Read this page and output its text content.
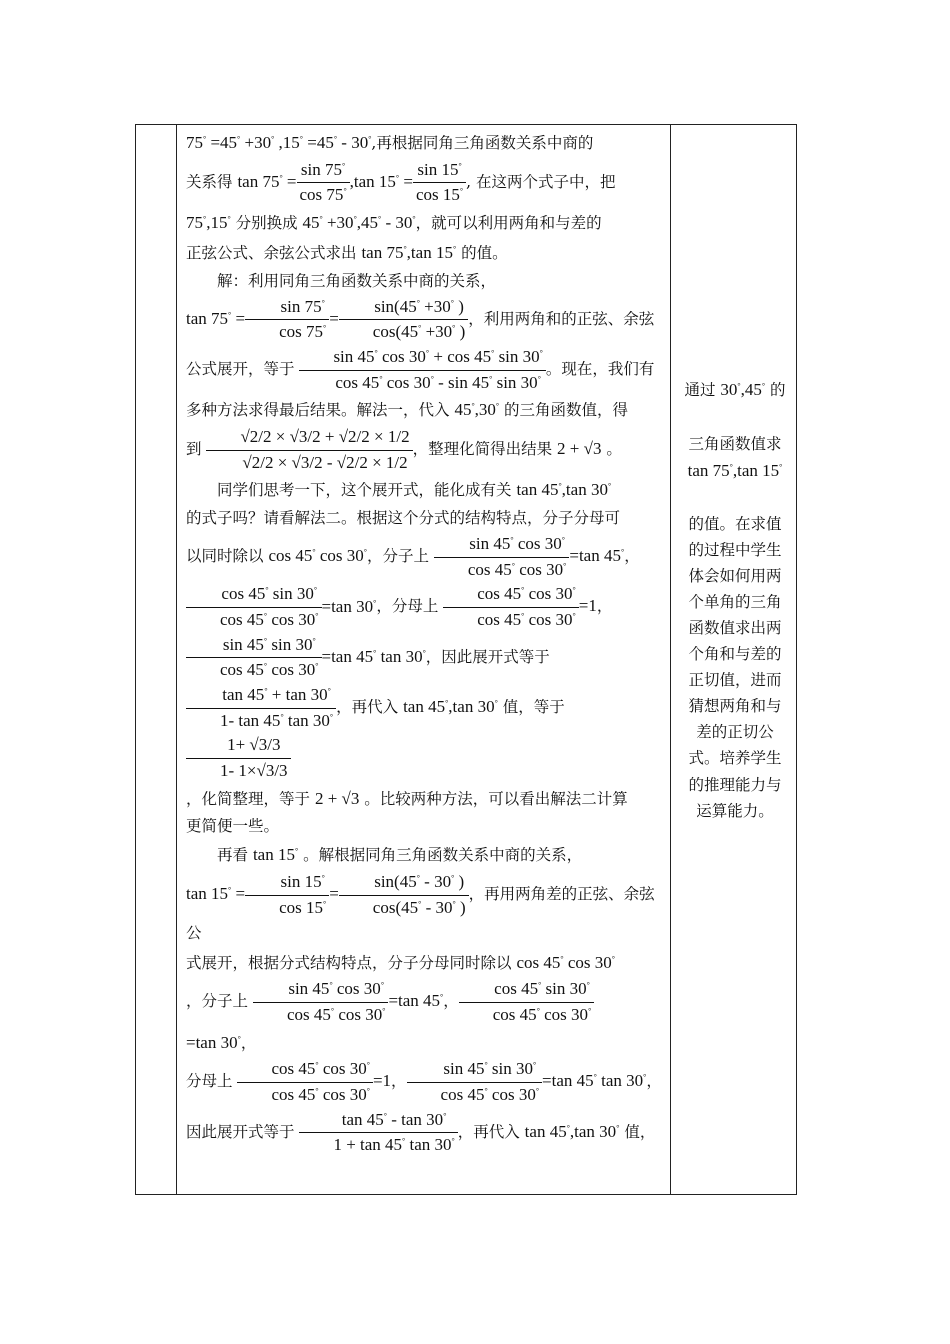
75° =45° +30° ,15° =45° - 30°,再根据同角三角函数关系中商的
关系得 $\tan 75^\circ = \frac{\sin 75^\circ}{\cos 75^\circ} ,\tan$ $15^\circ = \frac{\sin 15^\circ}{\cos 15^\circ}$ , 在这两个式子中，把
75°,15° 分别换成 45° +30°,45° - 30°，就可以利用两角和与差的
正弦公式、余弦公式求出 tan 75°,tan 15° 的值。

解：利用同角三角函数关系中商的关系，
$\tan 75^\circ = \frac{\sin 75^\circ}{\cos 75^\circ} = \frac{\sin(45^\circ +30^\circ )}{\cos(45^\circ +30^\circ )}$ ，利用两角和的正弦、余弦
公式展开，等于 $\frac{\sin 45^\circ \cos 30^\circ + \cos 45^\circ \sin 30^\circ}{\cos 45^\circ \cos 30^\circ - \sin 45^\circ \sin 30^\circ}$ 。现在，我们有
多种方法求得最后结果。解法一，代入 45°,30° 的三角函数值，得
到 $\frac{√2/2 \times √3/2 + √2/2 \times 1/2}{√2/2 \times √3/2 - √2/2 \times 1/2}$ ，整理化简得出结果 2 + √3 。

同学们思考一下，这个展开式，能化成有关 tan 45°,tan 30°
的式子吗？请看解法二。根据这个分式的结构特点，分子分母可
以同时除以 cos 45° cos 30°，分子上 $\frac{\sin 45^\circ \cos 30^\circ}{\cos 45^\circ \cos 30^\circ} =\tan$ 45°，

$\frac{\cos 45^\circ \sin 30^\circ}{\cos 45^\circ \cos 30^\circ} =\tan$ 30°，分母上 $\frac{\cos 45^\circ \cos 30^\circ}{\cos 45^\circ \cos 30^\circ} =1$，

$\frac{\sin 45^\circ \sin 30^\circ}{\cos 45^\circ \cos 30^\circ} =\tan$ 45° tan 30°，因此展开式等于

$\frac{\tan 45^\circ + \tan 30^\circ}{1- \tan 45^\circ \tan 30^\circ}$ ，再代入 tan 45°,tan 30° 值，等于
$\frac{1+ √3/3}{1- 1\times√3/3}$

，化简整理，等于 2 + √3 。比较两种方法，可以看出解法二计算
更简便一些。

再看 tan 15° 。解根据同角三角函数关系中商的关系，
$\tan 15^\circ = \frac{\sin 15^\circ}{\cos 15^\circ} = \frac{\sin(45^\circ - 30^\circ )}{\cos(45^\circ - 30^\circ )}$ ，再用两角差的正弦、余弦公
式展开，根据分式结构特点，分子分母同时除以 cos 45° cos 30°
，分子上 $\frac{\sin 45^\circ \cos 30^\circ}{\cos 45^\circ \cos 30^\circ} =\tan$ 45°， $\frac{\cos 45^\circ \sin 30^\circ}{\cos 45^\circ \cos 30^\circ}$
=tan 30°，
分母上 $\frac{\cos 45^\circ \cos 30^\circ}{\cos 45^\circ \cos 30^\circ} =1$， $\frac{\sin 45^\circ \sin 30^\circ}{\cos 45^\circ \cos 30^\circ} =\tan$ 45° tan 30°，
因此展开式等于 $\frac{\tan 45^\circ - \tan 30^\circ}{1 + \tan 45^\circ \tan 30^\circ}$ ，再代入 tan 45°,tan 30° 值，

通过 30°,45° 的

三角函数值求
tan 75°,tan 15°

的值。在求值
的过程中学生
体会如何用两
个单角的三角
函数值求出两
个角和与差的
正切值，进而
猜想两角和与
差的正切公
式。培养学生
的推理能力与
运算能力。
